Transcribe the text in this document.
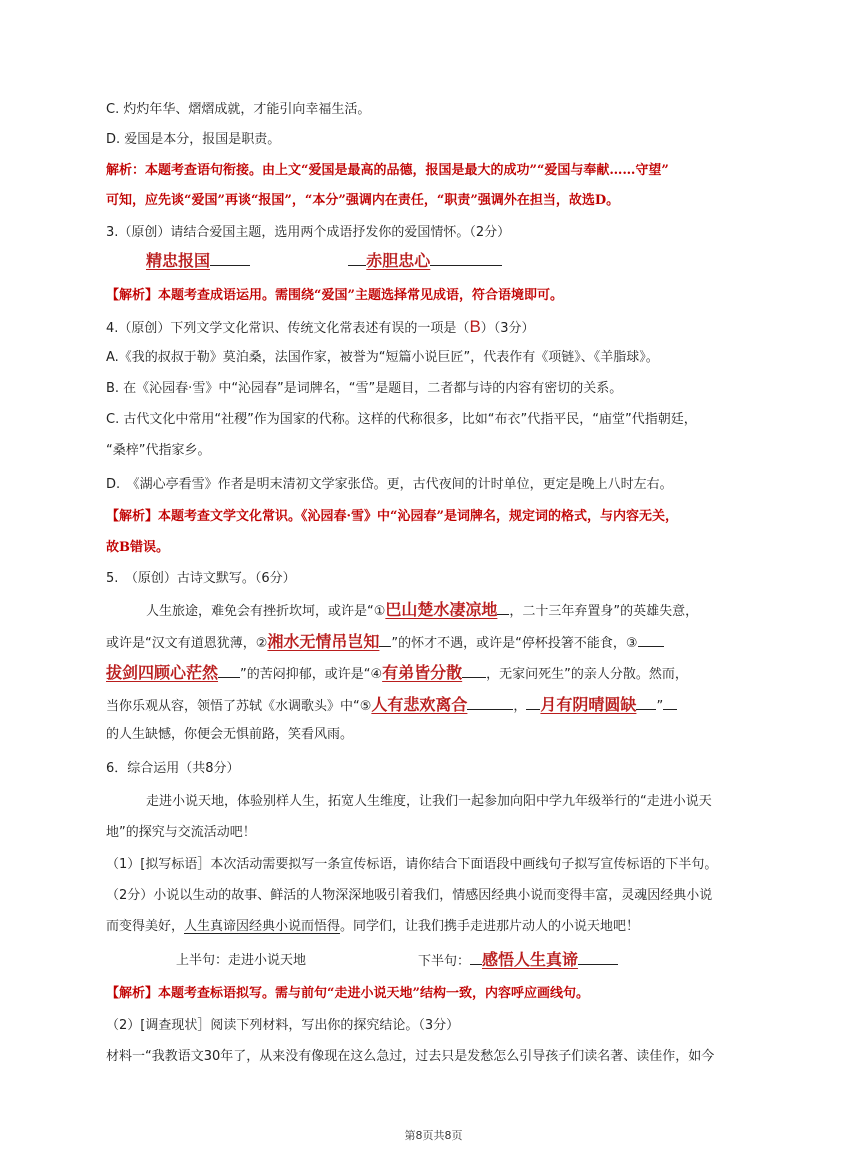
C. 灼灼年华、熠熠成就，才能引向幸福生活。
D. 爱国是本分，报国是职责。
解析：本题考查语句衔接。由上文“爱国是最高的品德，报国是最大的成功”“爱国与奉献……守望”
可知，应先谈“爱国”再谈“报国”，“本分”强调内在责任，“职责”强调外在担当，故选D。
3.（原创）请结合爱国主题，选用两个成语抒发你的爱国情怀。（2分）
精忠报国	赤胆忠心
【解析】本题考查成语运用。需围绕“爱国”主题选择常见成语，符合语境即可。
4.（原创）下列文学文化常识、传统文化常表述有误的一项是（B）（3分）
A.《我的叔叔于勒》莫泊桑，法国作家，被誉为“短篇小说巨匠”，代表作有《项链》、《羊脂球》。
B. 在《沁园春·雪》中“沁园春”是词牌名，“雪”是题目，二者都与诗的内容有密切的关系。
C. 古代文化中常用“社稷”作为国家的代称。这样的代称很多，比如“布衣”代指平民，“庙堂”代指朝廷，
“桑梓”代指家乡。
D.　《湖心亭看雪》作者是明末清初文学家张岱。更，古代夜间的计时单位，更定是晚上八时左右。
【解析】本题考查文学文化常识。《沁园春·雪》中“沁园春”是词牌名，规定词的格式，与内容无关，
故B错误。
5.　（原创）古诗文默写。（6分）
人生旅途，难免会有挫折坎坷，或许是“①巴山楚水凄凉地 ，二十三年弃置身”的英雄失意，
或许是“汉文有道恩犹薄，②湘水无情吊岂知 ”的怀才不遇，或许是“停杯投箸不能食，③
拔剑四顾心茫然 ”的苦闷抑郁，或许是“④有弟皆分散 ，无家问死生”的亲人分散。然而，
当你乐观从容，领悟了苏轼《水调歌头》中“⑤人有悲欢离合	， 月有阴晴圆缺 ”
的人生缺憾，你便会无惧前路，笑看风雨。
6．综合运用（共8分）
走进小说天地，体验别样人生，拓宽人生维度，让我们一起参加向阳中学九年级举行的“走进小说天
地”的探究与交流活动吧！
（1）[拟写标语］本次活动需要拟写一条宣传标语，请你结合下面语段中画线句子拟写宣传标语的下半句。
（2分）小说以生动的故事、鲜活的人物深深地吸引着我们，情感因经典小说而变得丰富，灵魂因经典小说
而变得美好，人生真谛因经典小说而悟得。同学们，让我们携手走进那片动人的小说天地吧！
上半句：走进小说天地	下半句： 感悟人生真谛
【解析】本题考查标语拟写。需与前句“走进小说天地”结构一致，内容呼应画线句。
（2）[调查现状］阅读下列材料，写出你的探究结论。（3分）
材料一“我教语文30年了，从来没有像现在这么急过，过去只是发愁怎么引导孩子们读名著、读佳作，如今
第8页共8页
